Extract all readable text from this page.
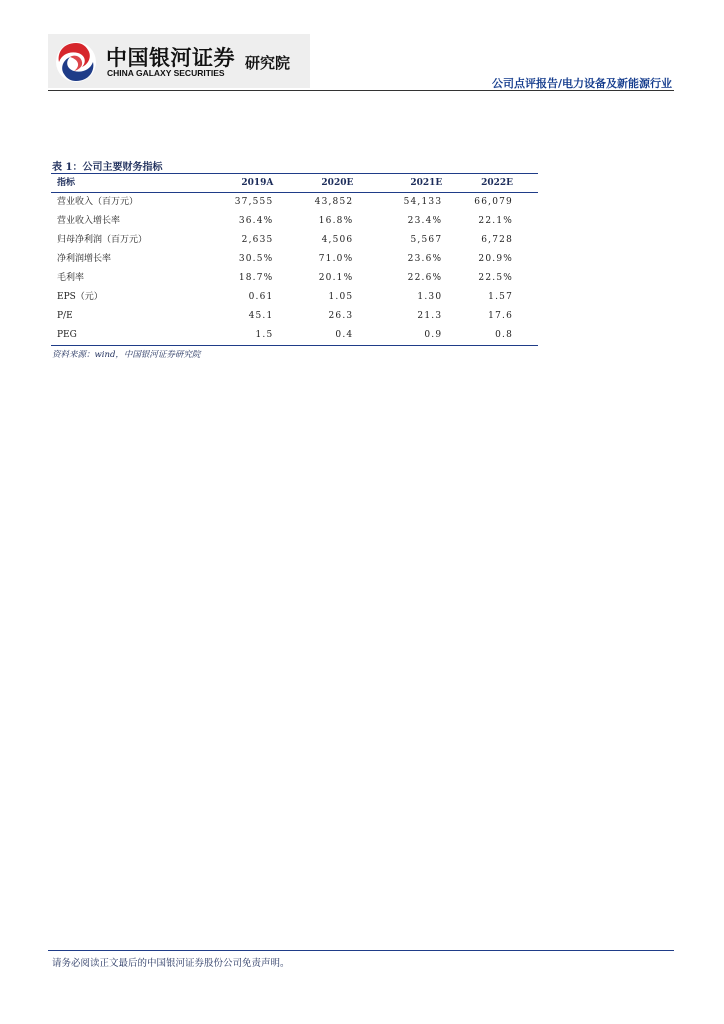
中国银河证券
CHINA GALAXY SECURITIES
研究院
公司点评报告/电力设备及新能源行业
表 1：公司主要财务指标
指标	2019A	2020E	2021E	2022E
营业收入（百万元）	37,555	43,852	54,133	66,079
营业收入增长率	36.4%	16.8%	23.4%	22.1%
归母净利润（百万元）	2,635	4,506	5,567	6,728
净利润增长率	30.5%	71.0%	23.6%	20.9%
毛利率	18.7%	20.1%	22.6%	22.5%
EPS（元）	0.61	1.05	1.30	1.57
P/E	45.1	26.3	21.3	17.6
PEG	1.5	0.4	0.9	0.8
资料来源：wind，中国银河证券研究院
请务必阅读正文最后的中国银河证券股份公司免责声明。
